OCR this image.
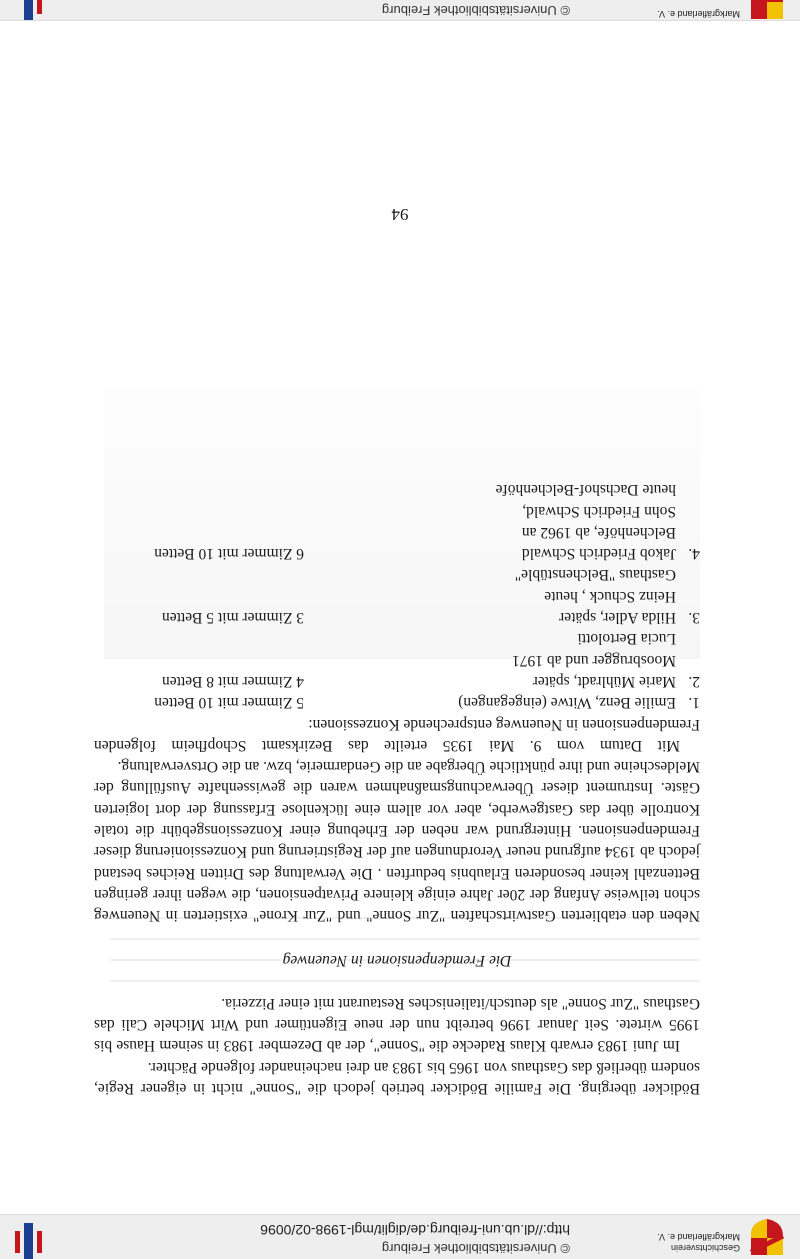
Geschichtsverein
Markgräflerland e. V.
© Universitätsbibliothek Freiburg
http://dl.ub.uni-freiburg.de/diglit/mgl-1998-02/0096
Markgräflerland e. V.
© Universitätsbibliothek Freiburg

Bödicker überging. Die Familie Bödicker betrieb jedoch die "Sonne" nicht in eigener Regie, sondern überließ das Gasthaus von 1965 bis 1983 an drei nacheinander folgende Pächter.

Im Juni 1983 erwarb Klaus Radecke die "Sonne", der ab Dezember 1983 in seinem Hause bis 1995 wirtete. Seit Januar 1996 betreibt nun der neue Eigentümer und Wirt Michele Cali das Gasthaus "Zur Sonne" als deutsch/italienisches Restaurant mit einer Pizzeria.

Die Fremdenpensionen in Neuenweg

Neben den etablierten Gastwirtschaften "Zur Sonne" und "Zur Krone" existierten in Neuenweg schon teilweise Anfang der 20er Jahre einige kleinere Privatpensionen, die wegen ihrer geringen Bettenzahl keiner besonderen Erlaubnis bedurften . Die Verwaltung des Dritten Reiches bestand jedoch ab 1934 aufgrund neuer Verordnungen auf der Registrierung und Konzessionierung dieser Fremdenpensionen. Hintergrund war neben der Erhebung einer Konzessionsgebühr die totale Kontrolle über das Gastgewerbe, aber vor allem eine lückenlose Erfassung der dort logierten Gäste. Instrument dieser Überwachungsmaßnahmen waren die gewissenhafte Ausfüllung der Meldescheine und ihre pünktliche Übergabe an die Gendarmerie, bzw. an die Ortsverwaltung.

Mit Datum vom 9. Mai 1935 erteilte das Bezirksamt Schopfheim folgenden Fremdenpensionen in Neuenweg entsprechende Konzessionen:

1.
Emilie Benz, Witwe (eingegangen)
5 Zimmer mit 10 Betten
2.
Marie Mühlradt, später
4 Zimmer mit 8 Betten
Moosbrugger und ab 1971
Lucia Bertolotti
3.
Hilda Adler, später
3 Zimmer mit 5 Betten
Heinz Schuck , heute
Gasthaus "Belchenstüble"
4.
Jakob Friedrich Schwald
6 Zimmer mit 10 Betten
Belchenhöfe, ab 1962 an
Sohn Friedrich Schwald,
heute Dachshof-Belchenhöfe
94
